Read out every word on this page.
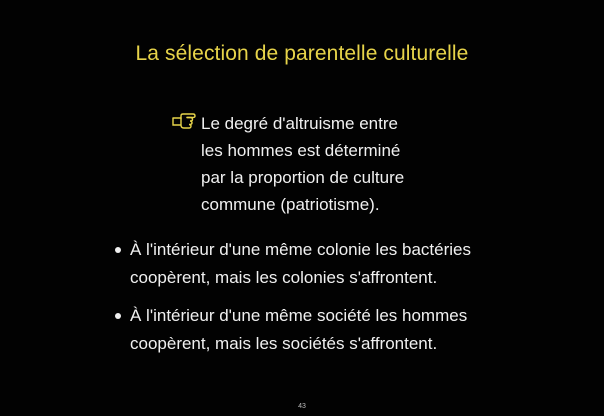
La sélection de parentelle culturelle
Le degré d'altruisme entre
les hommes est déterminé
par la proportion de culture
commune (patriotisme).
À l'intérieur d'une même colonie les bactéries
coopèrent, mais les colonies s'affrontent.
À l'intérieur d'une même société les hommes
coopèrent, mais les sociétés s'affrontent.
43
